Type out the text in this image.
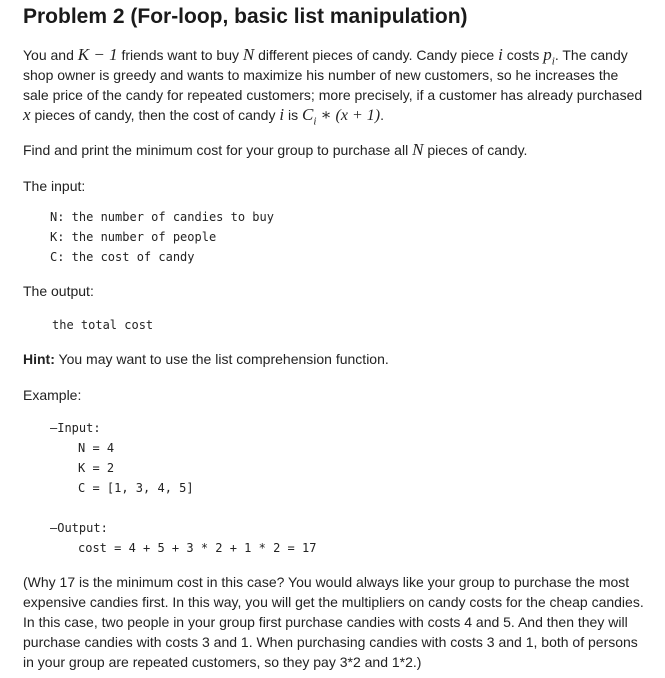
Problem 2 (For-loop, basic list manipulation)

You and K − 1 friends want to buy N different pieces of candy. Candy piece i costs $p_i$. The candy

shop owner is greedy and wants to maximize his number of new customers, so he increases the

sale price of the candy for repeated customers; more precisely, if a customer has already purchased

x pieces of candy, then the cost of candy i is $C_i$ ∗ (x + 1).

Find and print the minimum cost for your group to purchase all N pieces of candy.

The input:

N: the number of candies to buy
K: the number of people
C: the cost of candy

The output:

the total cost

Hint: You may want to use the list comprehension function.

Example:

—Input:
N = 4
K = 2
C = [1, 3, 4, 5]
—Output:
cost = 4 + 5 + 3 * 2 + 1 * 2 = 17

(Why 17 is the minimum cost in this case? You would always like your group to purchase the most

expensive candies first. In this way, you will get the multipliers on candy costs for the cheap candies.

In this case, two people in your group first purchase candies with costs 4 and 5. And then they will

purchase candies with costs 3 and 1. When purchasing candies with costs 3 and 1, both of persons

in your group are repeated customers, so they pay 3*2 and 1*2.)
